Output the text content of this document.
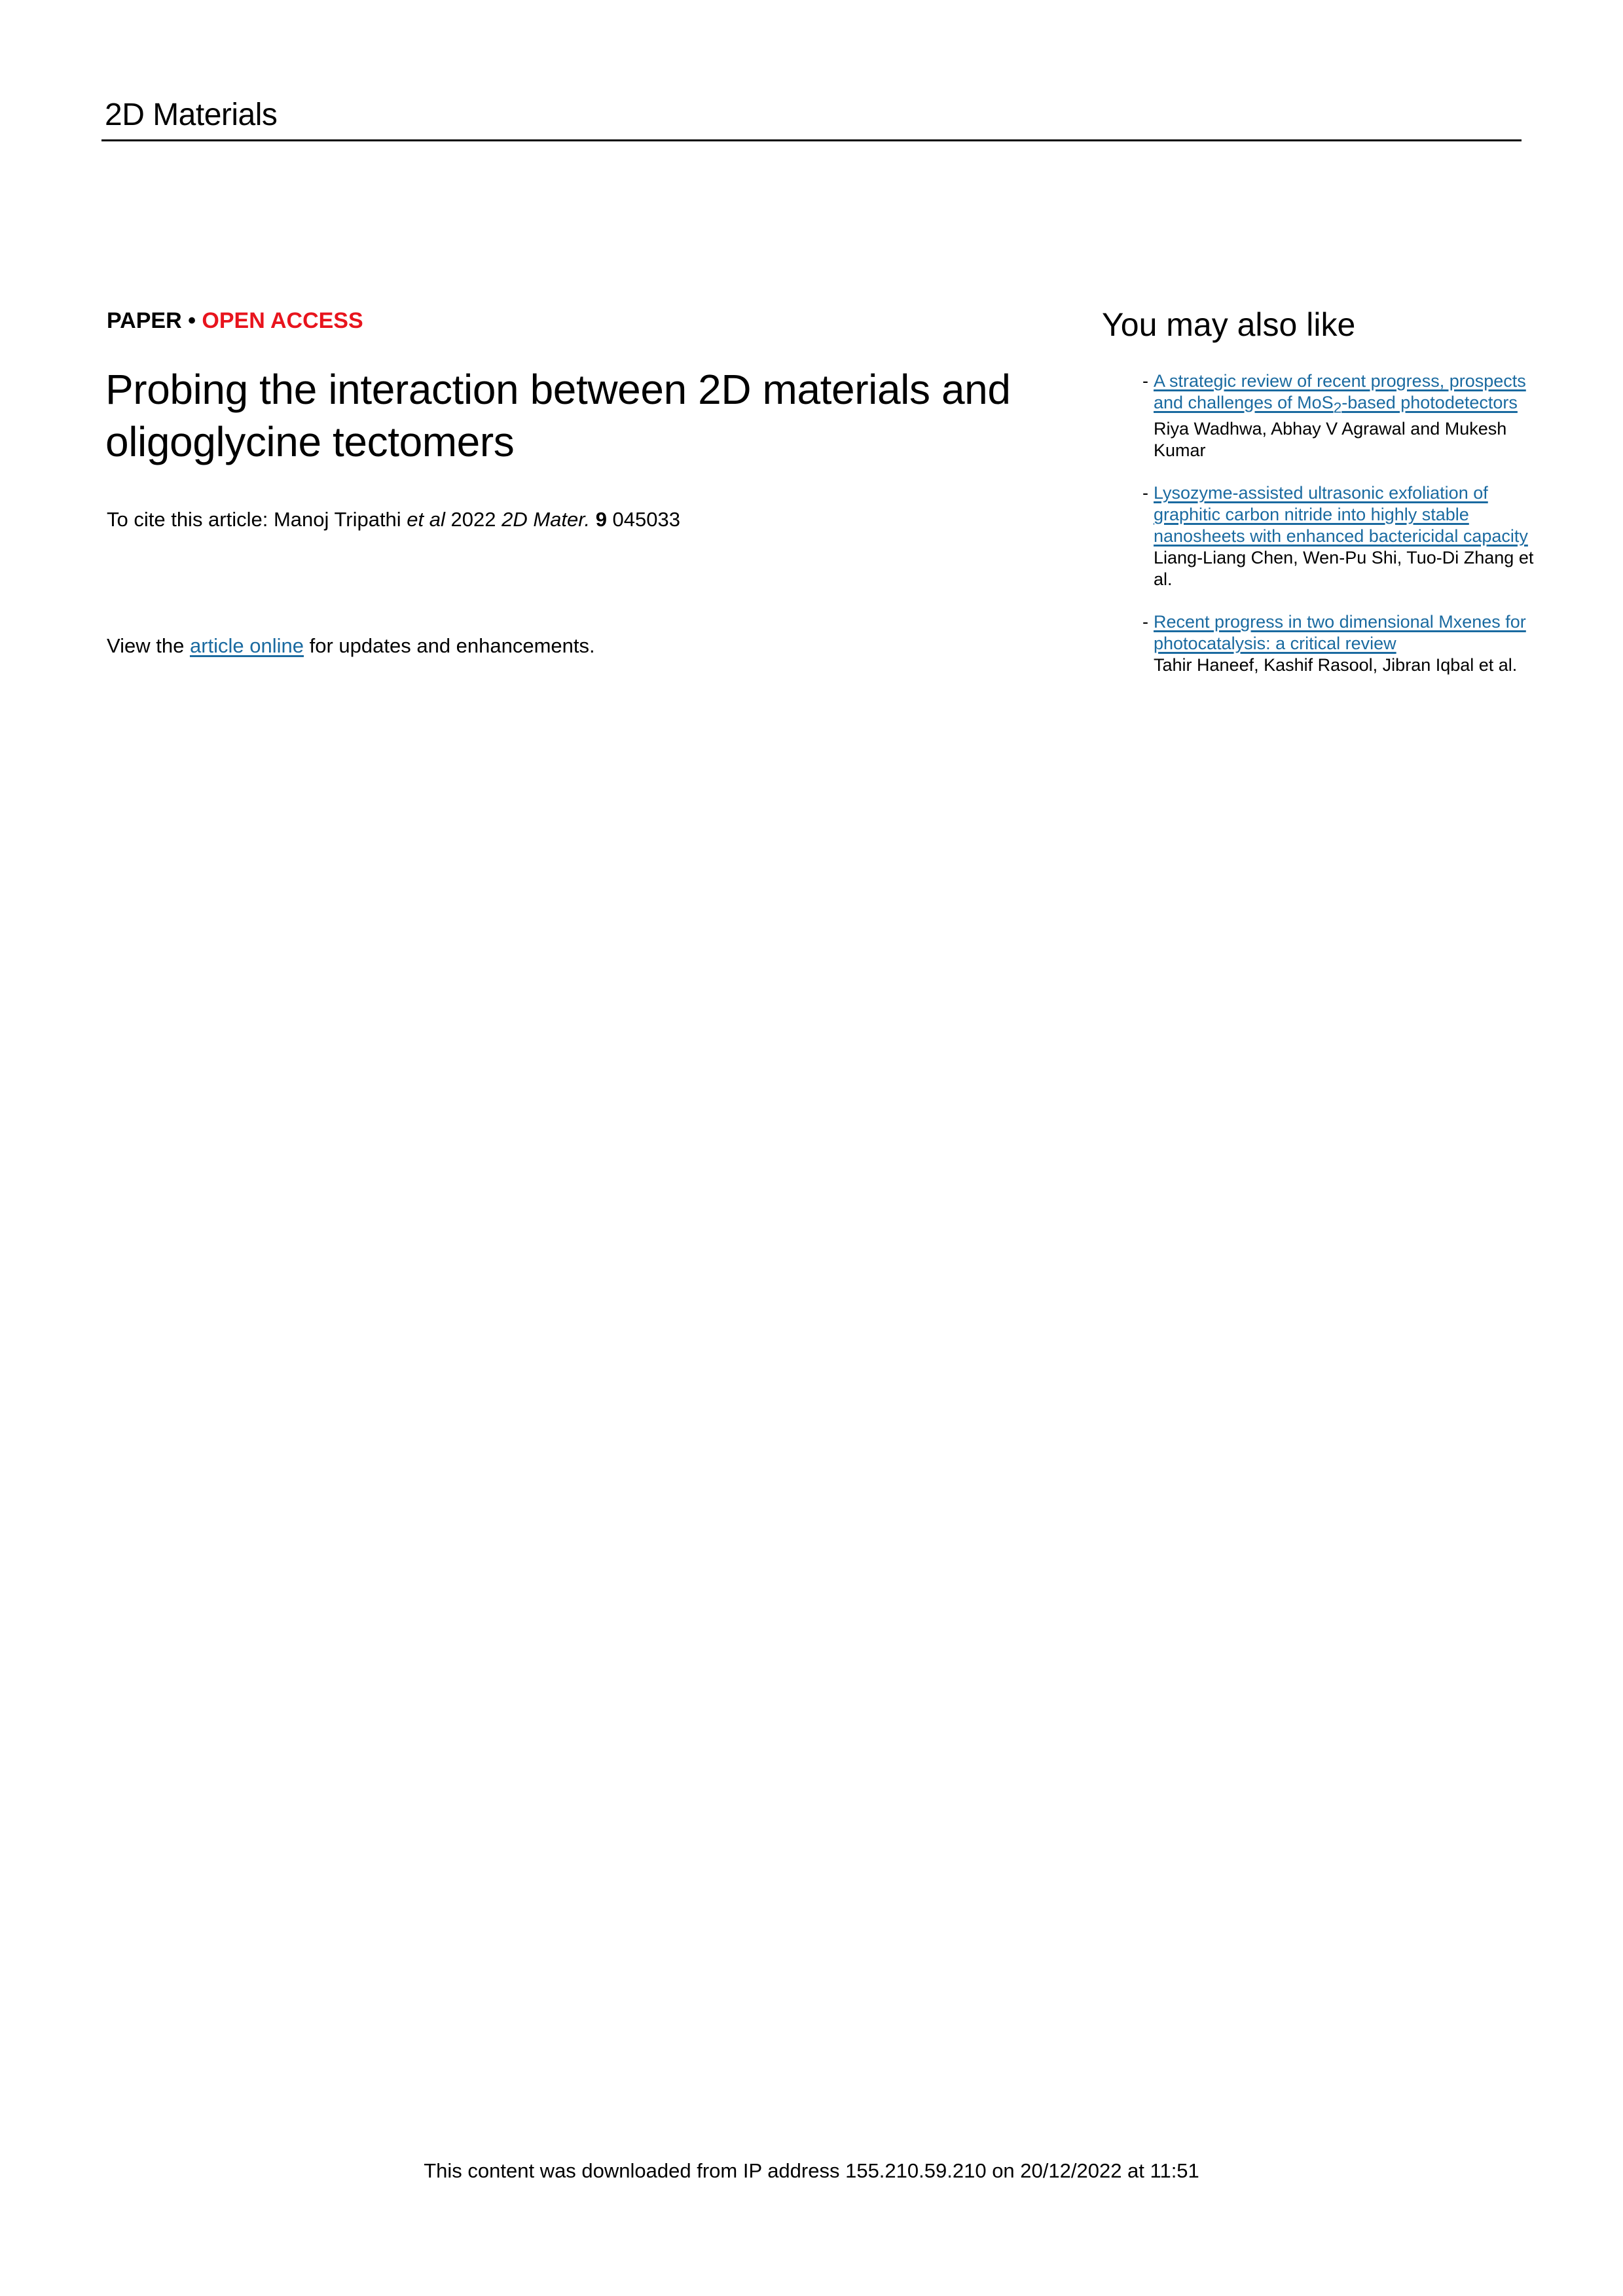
2D Materials
PAPER • OPEN ACCESS
Probing the interaction between 2D materials and oligoglycine tectomers
To cite this article: Manoj Tripathi et al 2022 2D Mater. 9 045033
View the article online for updates and enhancements.
You may also like
- A strategic review of recent progress, prospects and challenges of MoS$_2$-based photodetectors
Riya Wadhwa, Abhay V Agrawal and Mukesh Kumar
- Lysozyme-assisted ultrasonic exfoliation of graphitic carbon nitride into highly stable nanosheets with enhanced bactericidal capacity
Liang-Liang Chen, Wen-Pu Shi, Tuo-Di Zhang et al.
- Recent progress in two dimensional Mxenes for photocatalysis: a critical review
Tahir Haneef, Kashif Rasool, Jibran Iqbal et al.
This content was downloaded from IP address 155.210.59.210 on 20/12/2022 at 11:51
